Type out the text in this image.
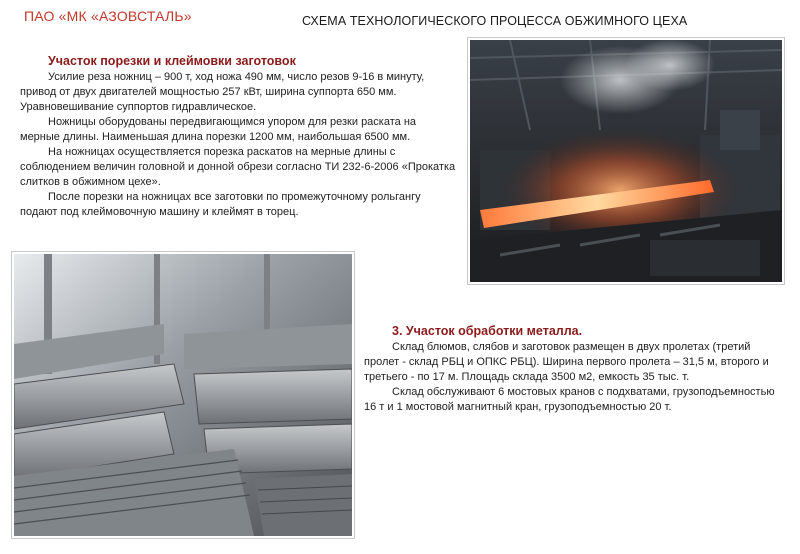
ПАО «МК «АЗОВСТАЛЬ»	СХЕМА ТЕХНОЛОГИЧЕСКОГО ПРОЦЕССА ОБЖИМНОГО ЦЕХА
Участок порезки и клеймовки заготовок

Усилие реза ножниц – 900 т, ход ножа 490 мм, число резов 9-16 в минуту, привод от двух двигателей мощностью 257 кВт, ширина суппорта 650 мм. Уравновешивание суппортов гидравлическое.

Ножницы оборудованы передвигающимся упором для резки раската на мерные длины. Наименьшая длина порезки 1200 мм, наибольшая 6500 мм.

На ножницах осуществляется порезка раскатов на мерные длины с соблюдением величин головной и донной обрези согласно ТИ 232-6-2006 «Прокатка слитков в обжимном цехе».

После порезки на ножницах все заготовки по промежуточному рольгангу подают под клеймовочную машину и клеймят в торец.

3. Участок обработки металла.

Склад блюмов, слябов и заготовок размещен в двух пролетах (третий пролет - склад РБЦ и ОПКС РБЦ). Ширина первого пролета – 31,5 м, второго и третьего - по 17 м. Площадь склада 3500 м2, емкость 35 тыс. т.

Склад обслуживают 6 мостовых кранов с подхватами, грузоподъемностью 16 т и 1 мостовой магнитный кран, грузоподъемностью 20 т.
